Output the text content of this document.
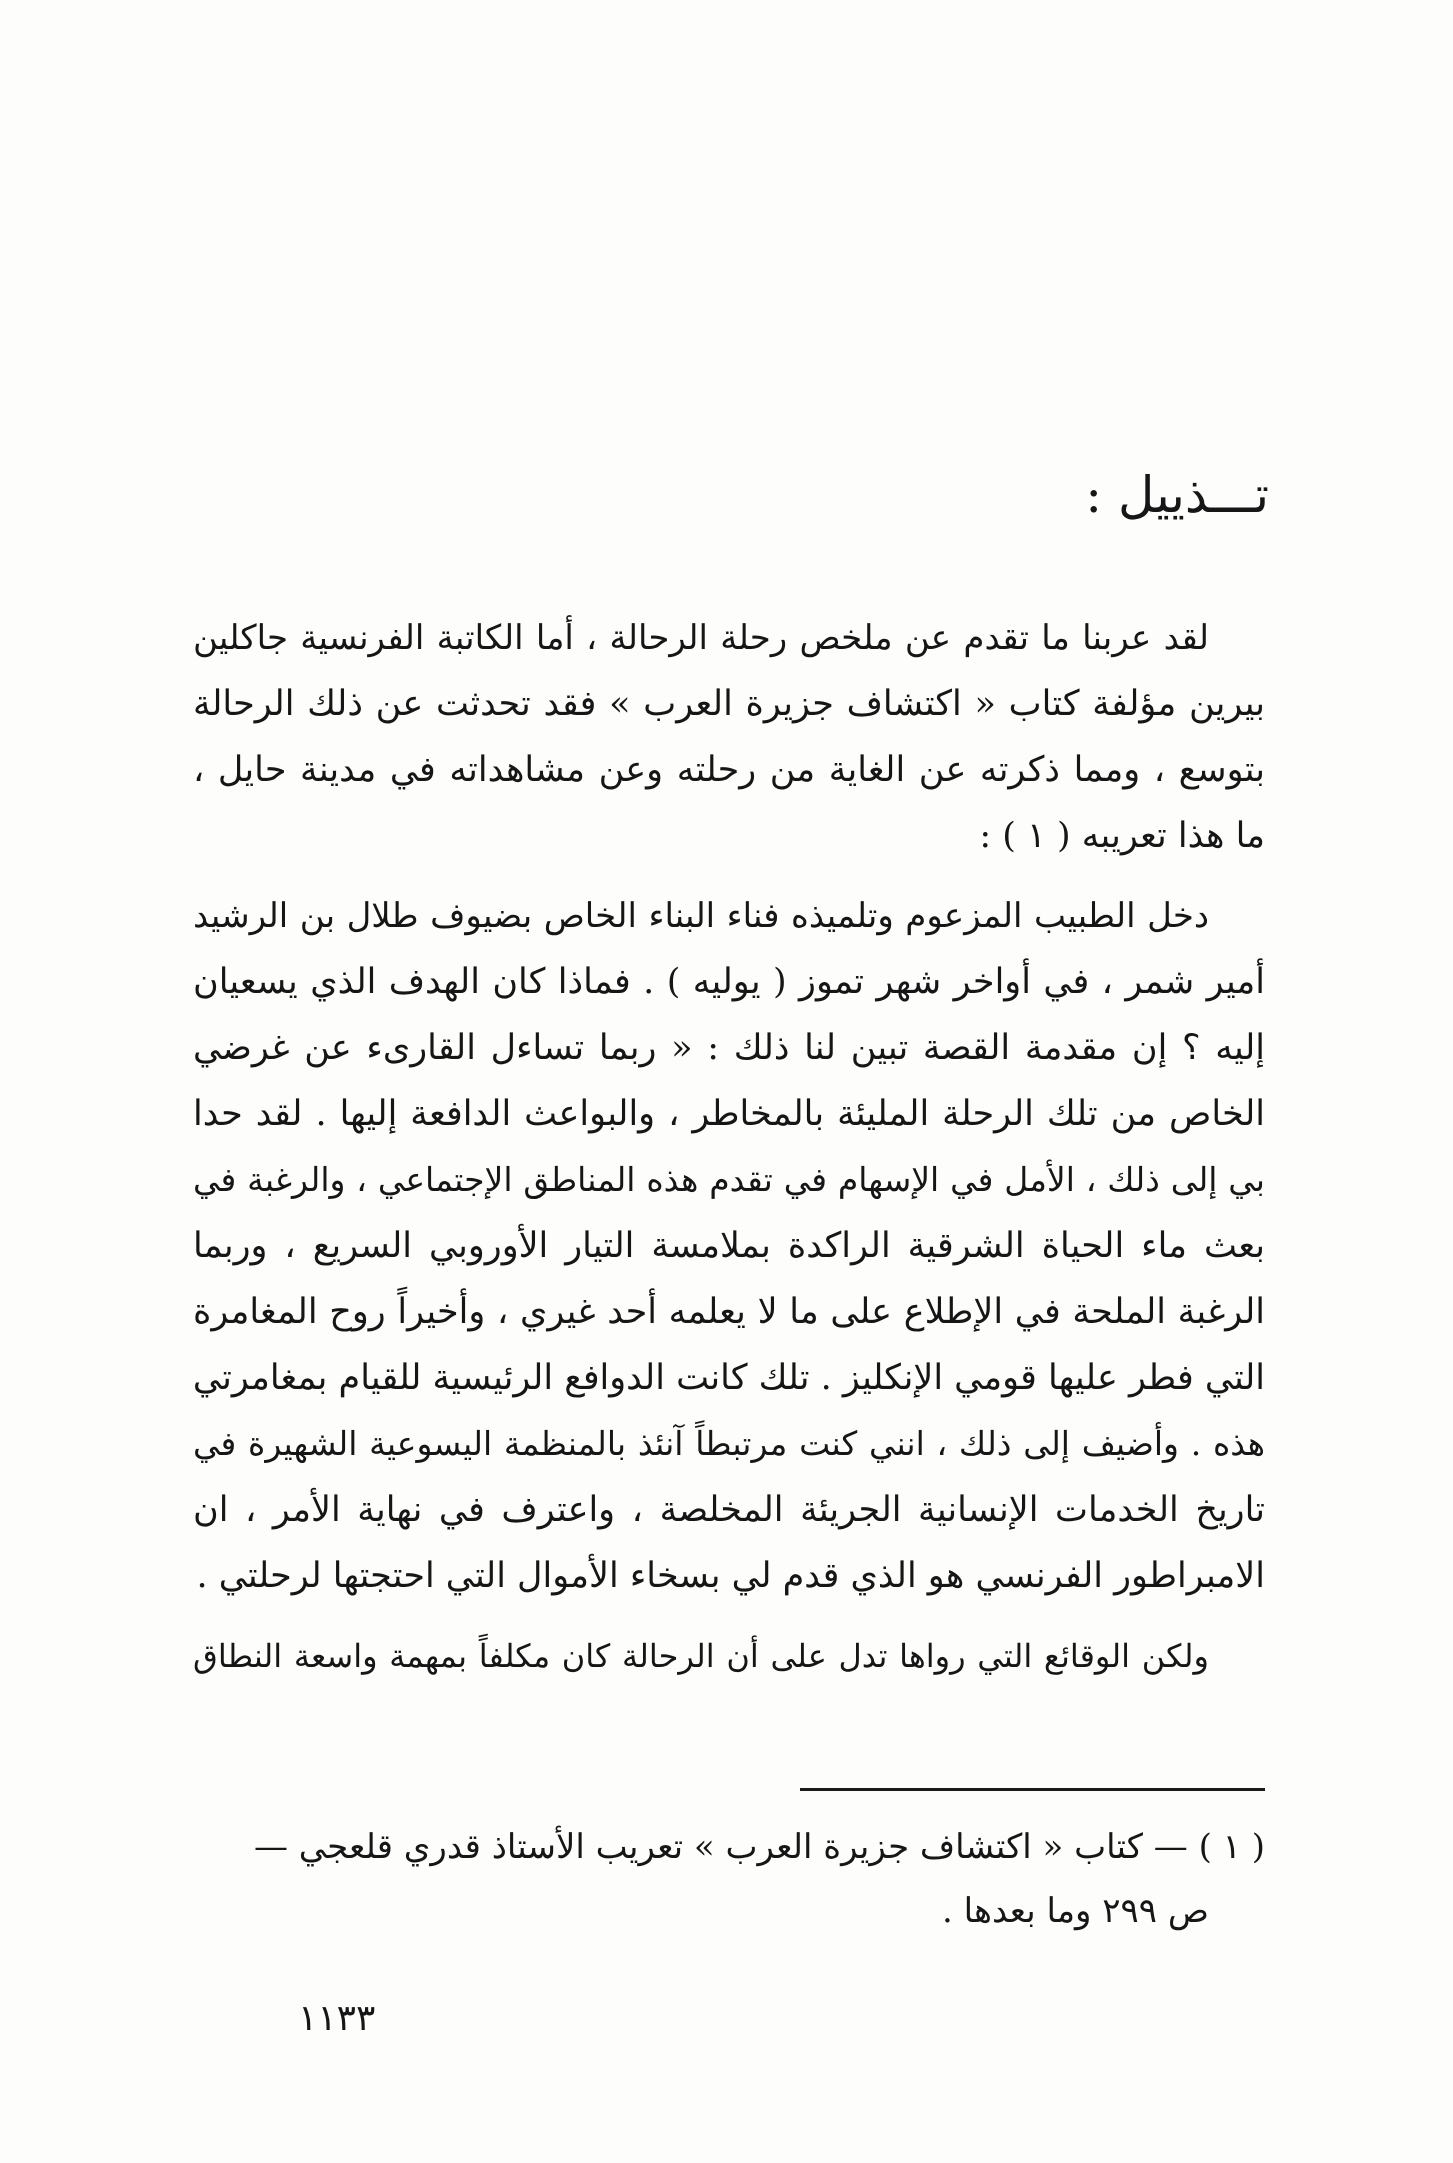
تـــذييل :
لقد عربنا ما تقدم عن ملخص رحلة الرحالة ، أما الكاتبة الفرنسية جاكلين
بيرين مؤلفة كتاب « اكتشاف جزيرة العرب » فقد تحدثت عن ذلك الرحالة
بتوسع ، ومما ذكرته عن الغاية من رحلته وعن مشاهداته في مدينة حايل ،
ما هذا تعريبه ( ١ ) :
دخل الطبيب المزعوم وتلميذه فناء البناء الخاص بضيوف طلال بن الرشيد
أمير شمر ، في أواخر شهر تموز ( يوليه ) . فماذا كان الهدف الذي يسعيان
إليه ؟ إن مقدمة القصة تبين لنا ذلك : « ربما تساءل القارىء عن غرضي
الخاص من تلك الرحلة المليئة بالمخاطر ، والبواعث الدافعة إليها . لقد حدا
بي إلى ذلك ، الأمل في الإسهام في تقدم هذه المناطق الإجتماعي ، والرغبة في
بعث ماء الحياة الشرقية الراكدة بملامسة التيار الأوروبي السريع ، وربما
الرغبة الملحة في الإطلاع على ما لا يعلمه أحد غيري ، وأخيراً روح المغامرة
التي فطر عليها قومي الإنكليز . تلك كانت الدوافع الرئيسية للقيام بمغامرتي
هذه . وأضيف إلى ذلك ، انني كنت مرتبطاً آنئذ بالمنظمة اليسوعية الشهيرة في
تاريخ الخدمات الإنسانية الجريئة المخلصة ، واعترف في نهاية الأمر ، ان
الامبراطور الفرنسي هو الذي قدم لي بسخاء الأموال التي احتجتها لرحلتي .
ولكن الوقائع التي رواها تدل على أن الرحالة كان مكلفاً بمهمة واسعة النطاق
( ١ ) — كتاب « اكتشاف جزيرة العرب » تعريب الأستاذ قدري قلعجي —
ص ٢٩٩ وما بعدها .
١١٣٣
